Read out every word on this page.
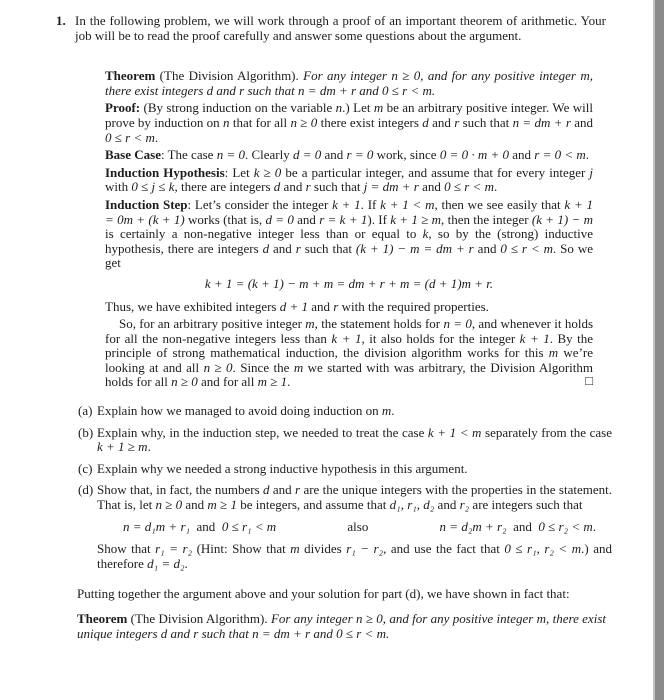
1. In the following problem, we will work through a proof of an important theorem of arithmetic. Your job will be to read the proof carefully and answer some questions about the argument.

Theorem (The Division Algorithm). For any integer n ≥ 0, and for any positive integer m, there exist integers d and r such that n = dm + r and 0 ≤ r < m.

Proof: (By strong induction on the variable n.) Let m be an arbitrary positive integer. We will prove by induction on n that for all n ≥ 0 there exist integers d and r such that n = dm + r and 0 ≤ r < m.

Base Case: The case n = 0. Clearly d = 0 and r = 0 work, since 0 = 0 · m + 0 and r = 0 < m.

Induction Hypothesis: Let k ≥ 0 be a particular integer, and assume that for every integer j with 0 ≤ j ≤ k, there are integers d and r such that j = dm + r and 0 ≤ r < m.

Induction Step: Let’s consider the integer k + 1. If k + 1 < m, then we see easily that k + 1 = 0m + (k + 1) works (that is, d = 0 and r = k + 1). If k + 1 ≥ m, then the integer (k + 1) − m is certainly a non-negative integer less than or equal to k, so by the (strong) inductive hypothesis, there are integers d and r such that (k + 1) − m = dm + r and 0 ≤ r < m. So we get

k + 1 = (k + 1) − m + m = dm + r + m = (d + 1)m + r.

Thus, we have exhibited integers d + 1 and r with the required properties.

□
So, for an arbitrary positive integer m, the statement holds for n = 0, and whenever it holds for all the non-negative integers less than k + 1, it also holds for the integer k + 1. By the principle of strong mathematical induction, the division algorithm works for this m we’re looking at and all n ≥ 0. Since the m we started with was arbitrary, the Division Algorithm holds for all n ≥ 0 and for all m ≥ 1.

(a) Explain how we managed to avoid doing induction on m.

(b) Explain why, in the induction step, we needed to treat the case k + 1 < m separately from the case k + 1 ≥ m.

(c) Explain why we needed a strong inductive hypothesis in this argument.

(d) Show that, in fact, the numbers d and r are the unique integers with the properties in the statement. That is, let n ≥ 0 and m ≥ 1 be integers, and assume that d₁, r₁, d₂ and r₂ are integers such that

n = d₁m + r₁ and 0 ≤ r₁ < m	also	n = d₂m + r₂ and 0 ≤ r₂ < m.

Show that r₁ = r₂ (Hint: Show that m divides r₁ − r₂, and use the fact that 0 ≤ r₁, r₂ < m.) and therefore d₁ = d₂.

Putting together the argument above and your solution for part (d), we have shown in fact that:

Theorem (The Division Algorithm). For any integer n ≥ 0, and for any positive integer m, there exist unique integers d and r such that n = dm + r and 0 ≤ r < m.
